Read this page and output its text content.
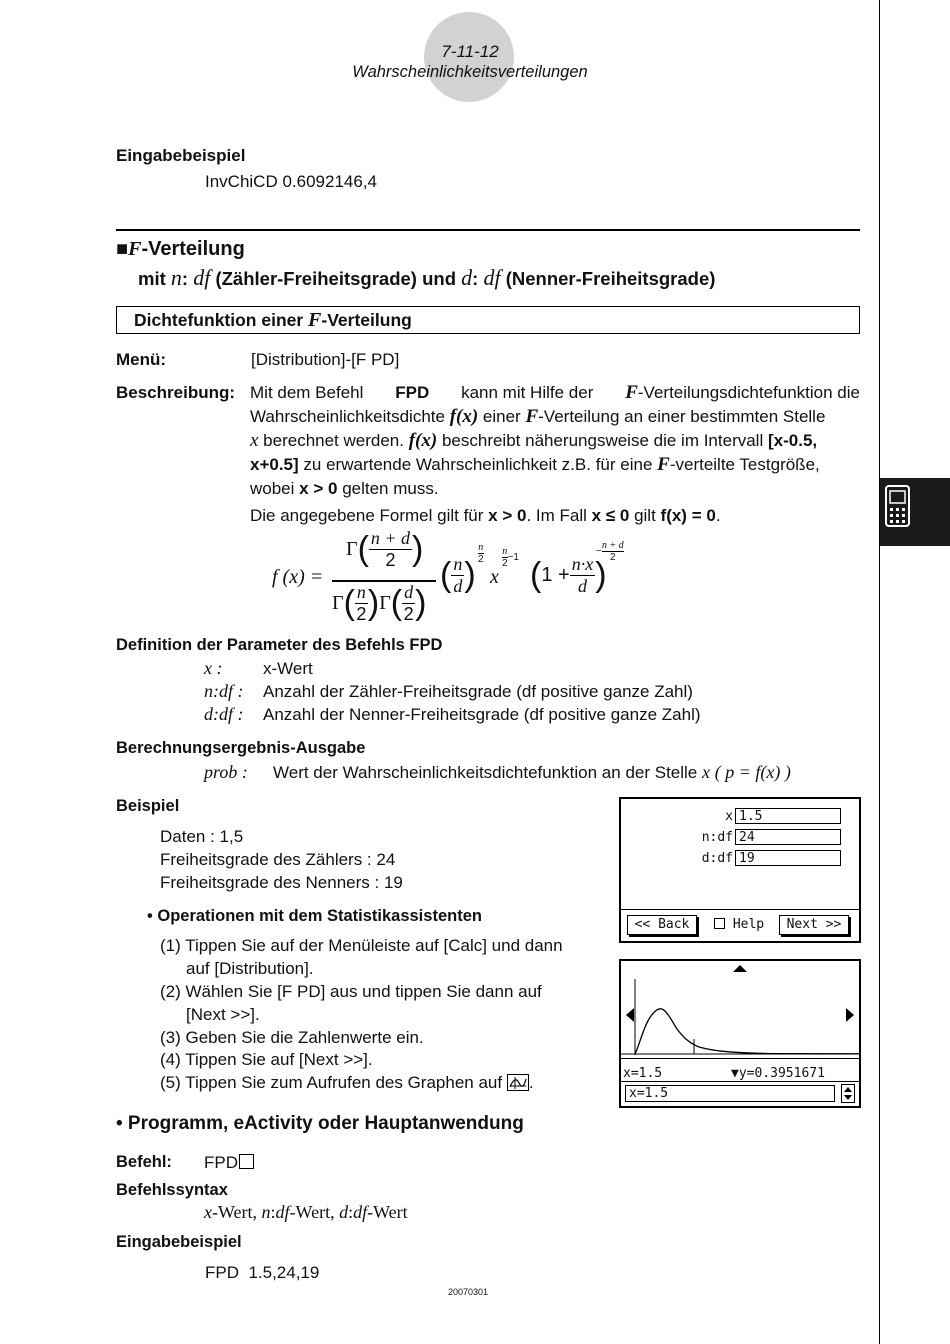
7-11-12
Wahrscheinlichkeitsverteilungen
Eingabebeispiel
InvChiCD 0.6092146,4
■F-Verteilung
mit n: df (Zähler-Freiheitsgrade) und d: df (Nenner-Freiheitsgrade)
Dichtefunktion einer F-Verteilung
Menü:	[Distribution]-[F PD]
Beschreibung: Mit dem Befehl FPD kann mit Hilfe der F-Verteilungsdichtefunktion die
Wahrscheinlichkeitsdichte f(x) einer F-Verteilung an einer bestimmten Stelle
x berechnet werden. f(x) beschreibt näherungsweise die im Intervall [x-0.5,
x+0.5] zu erwartende Wahrscheinlichkeit z.B. für eine F-verteilte Testgröße,
wobei x > 0 gelten muss.
Die angegebene Formel gilt für x > 0. Im Fall x ≤ 0 gilt f(x) = 0.
f (x) =
$\Gamma( \frac{n + d}{2}$ )
$\Gamma( \frac{n}{2} )\Gamma( \frac{d}{2}$ )
( $\frac{n}{d}$ )
$\frac{n}{2}$
x
$\frac{n}{2} -1$ ($1 + \frac{n\cdot x}{d}$ )
− $\frac{n + d}{2}$
Definition der Parameter des Befehls FPD
x : x-Wert
n:df : Anzahl der Zähler-Freiheitsgrade (df positive ganze Zahl)
d:df : Anzahl der Nenner-Freiheitsgrade (df positive ganze Zahl)
Berechnungsergebnis-Ausgabe
prob : Wert der Wahrscheinlichkeitsdichtefunktion an der Stelle x ( p = f(x) )
Beispiel
Daten : 1,5
Freiheitsgrade des Zählers : 24
Freiheitsgrade des Nenners : 19
• Operationen mit dem Statistikassistenten
(1) Tippen Sie auf der Menüleiste auf [Calc] und dann
auf [Distribution].
(2) Wählen Sie [F PD] aus und tippen Sie dann auf
[Next >>].
(3) Geben Sie die Zahlenwerte ein.
(4) Tippen Sie auf [Next >>].
(5) Tippen Sie zum Aufrufen des Graphen auf .
x 1.5
n:df 24
d:df 19
<< Back	Help	Next >>
x=1.5	▼y=0.3951671
x=1.5
• Programm, eActivity oder Hauptanwendung
Befehl: FPD
Befehlssyntax
x-Wert, n:df-Wert, d:df-Wert
Eingabebeispiel
FPD  1.5,24,19
20070301
